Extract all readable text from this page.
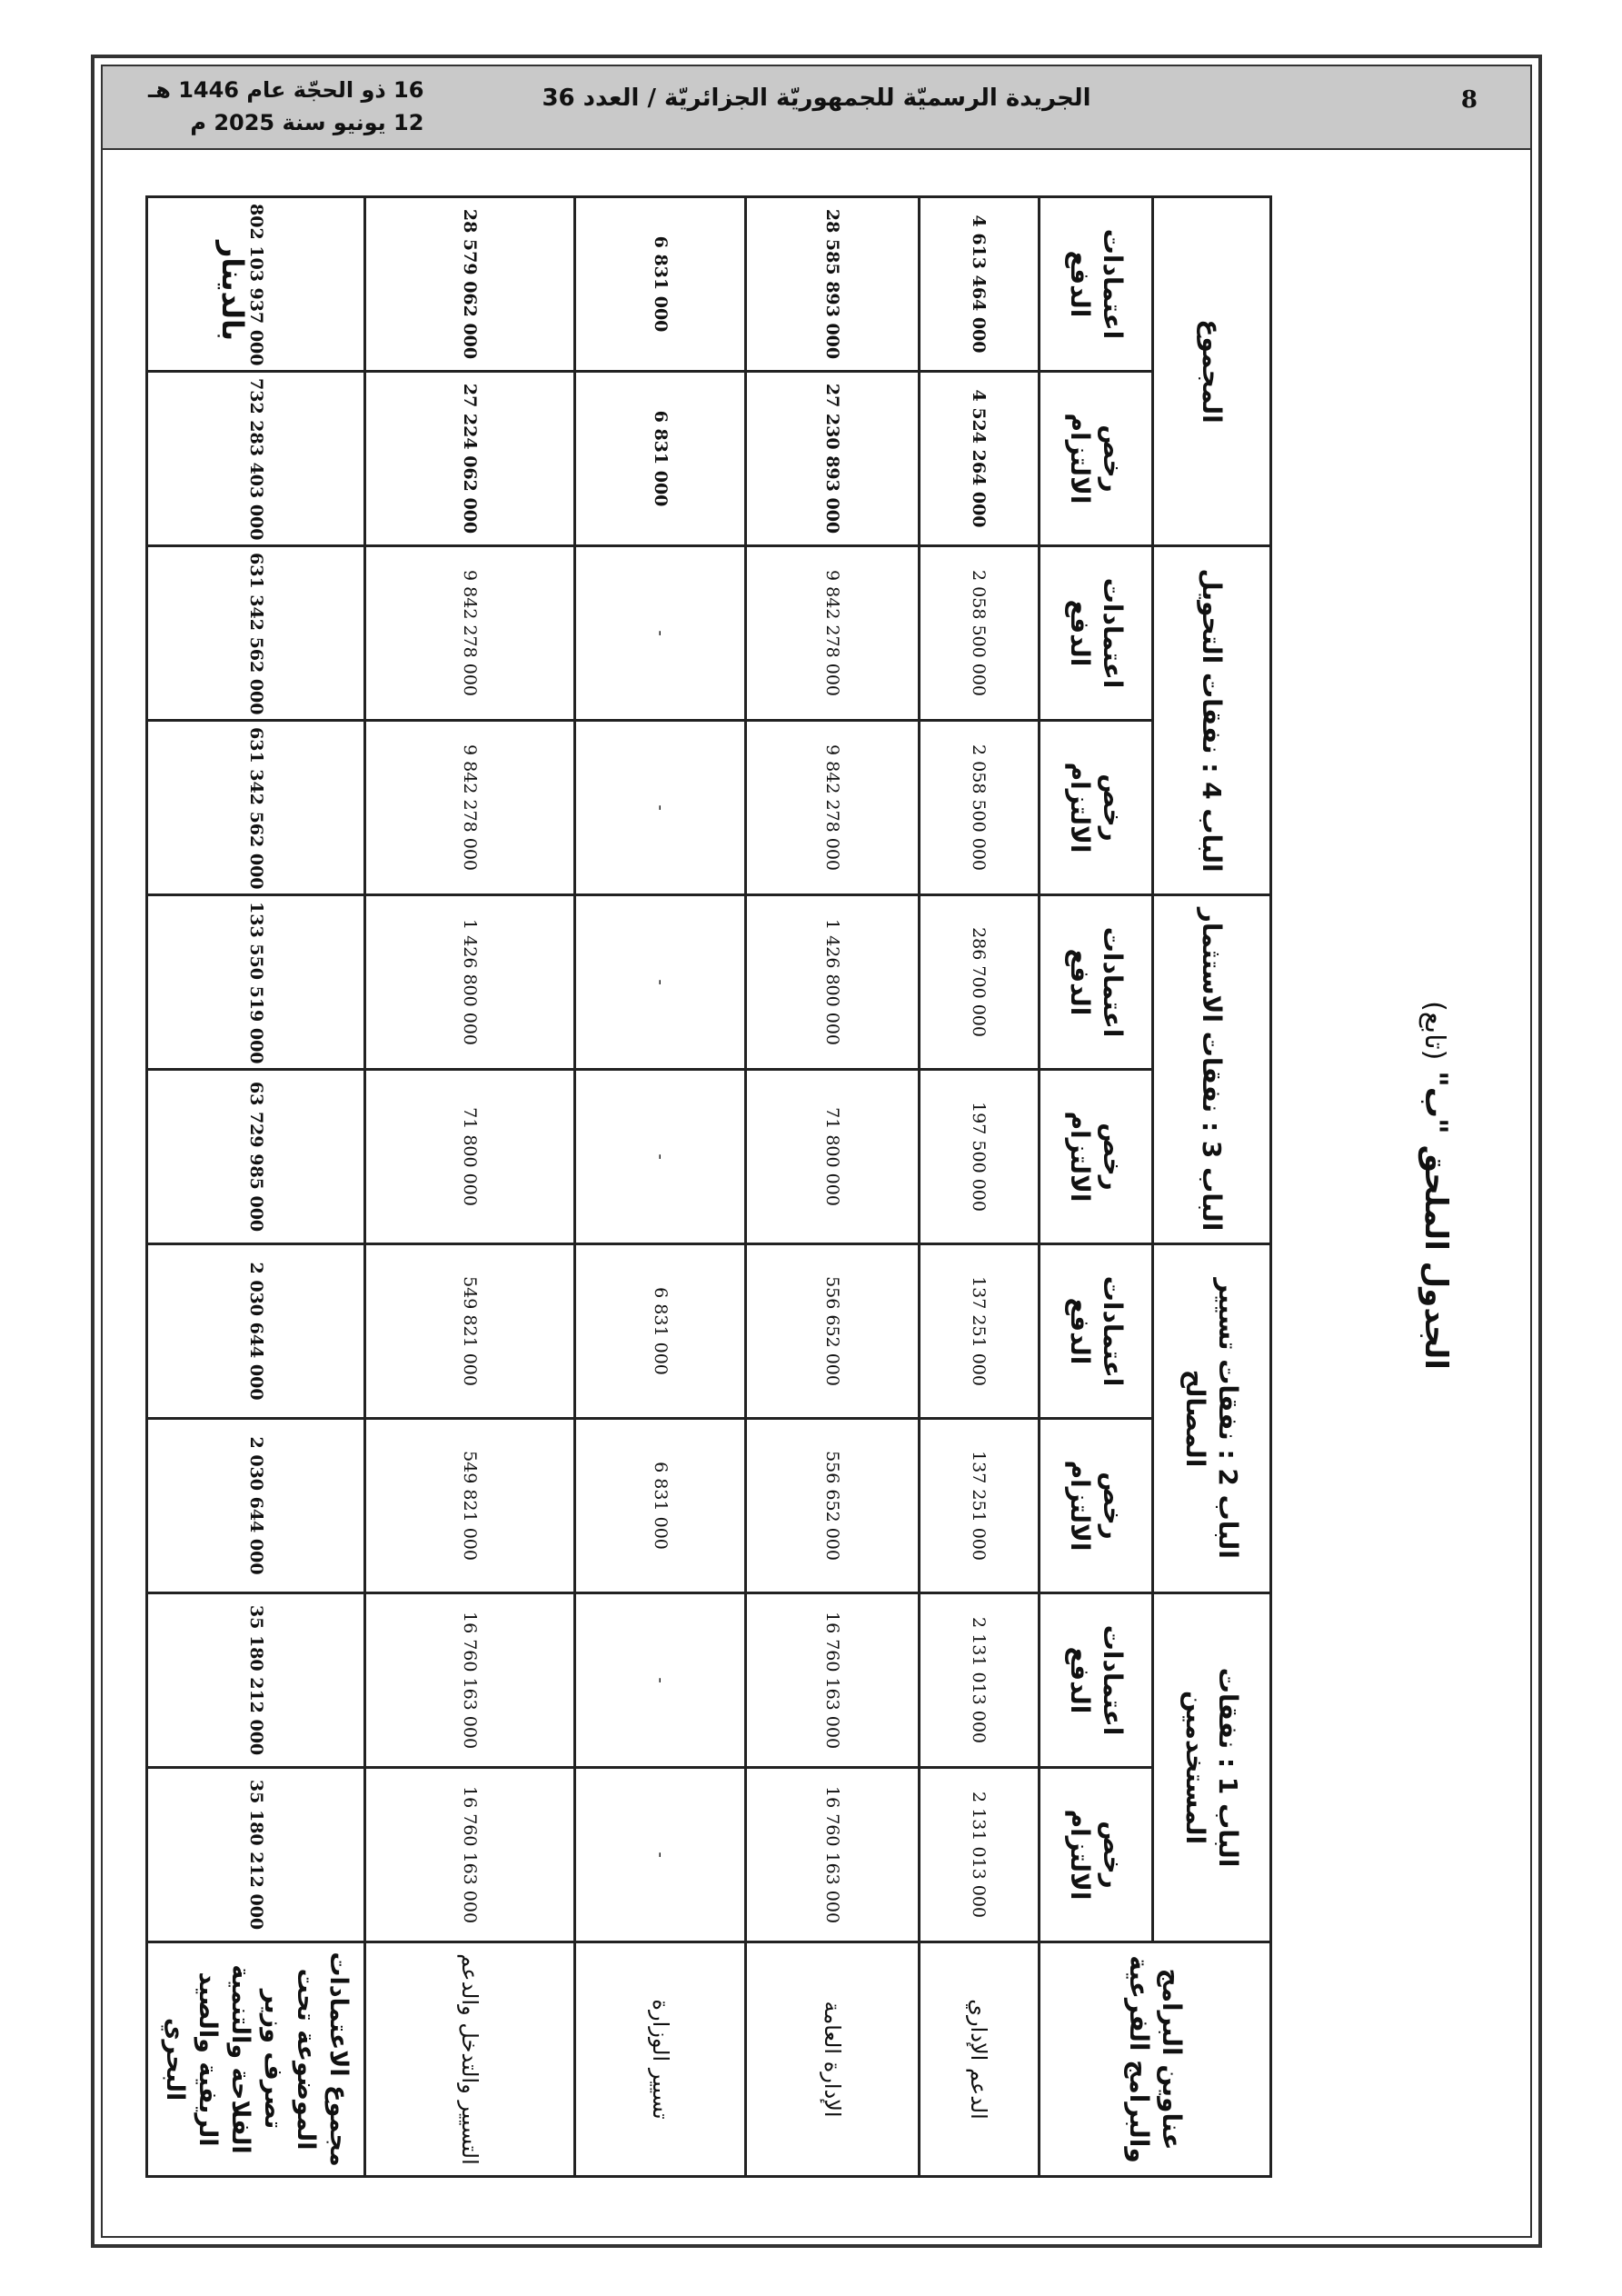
8
الجريدة الرسميّة للجمهوريّة الجزائريّة / العدد 36
16 ذو الحجّة عام 1446 هـ
12 يونيو سنة 2025 م
الجدول الملحق "ب" (تابع)
بالدينار
عناوين البرامج والبرامج الفرعية	الباب 1 : نفقات المستخدمين		الباب 2 : نفقات تسيير المصالح		الباب 3 : نفقات الاستثمار		الباب 4 : نفقات التحويل		المجموع	
	رخص الالتزام	اعتمادات الدفع	رخص الالتزام	اعتمادات الدفع	رخص الالتزام	اعتمادات الدفع	رخص الالتزام	اعتمادات الدفع	رخص الالتزام	اعتمادات الدفع
الدعم الإداري	2 131 013 000	2 131 013 000	137 251 000	137 251 000	197 500 000	286 700 000	2 058 500 000	2 058 500 000	4 524 264 000	4 613 464 000
الإدارة العامة	16 760 163 000	16 760 163 000	556 652 000	556 652 000	71 800 000	1 426 800 000	9 842 278 000	9 842 278 000	27 230 893 000	28 585 893 000
تسيير الوزارة	-	-	6 831 000	6 831 000	-	-	-	-	6 831 000	6 831 000
التسيير والتدخل والدعم	16 760 163 000	16 760 163 000	549 821 000	549 821 000	71 800 000	1 426 800 000	9 842 278 000	9 842 278 000	27 224 062 000	28 579 062 000
مجموع الاعتمادات الموضوعة تحت تصرف وزير الفلاحة والتنمية الريفية والصيد البحري	35 180 212 000	35 180 212 000	2 030 644 000	2 030 644 000	63 729 985 000	133 550 519 000	631 342 562 000	631 342 562 000	732 283 403 000	802 103 937 000
